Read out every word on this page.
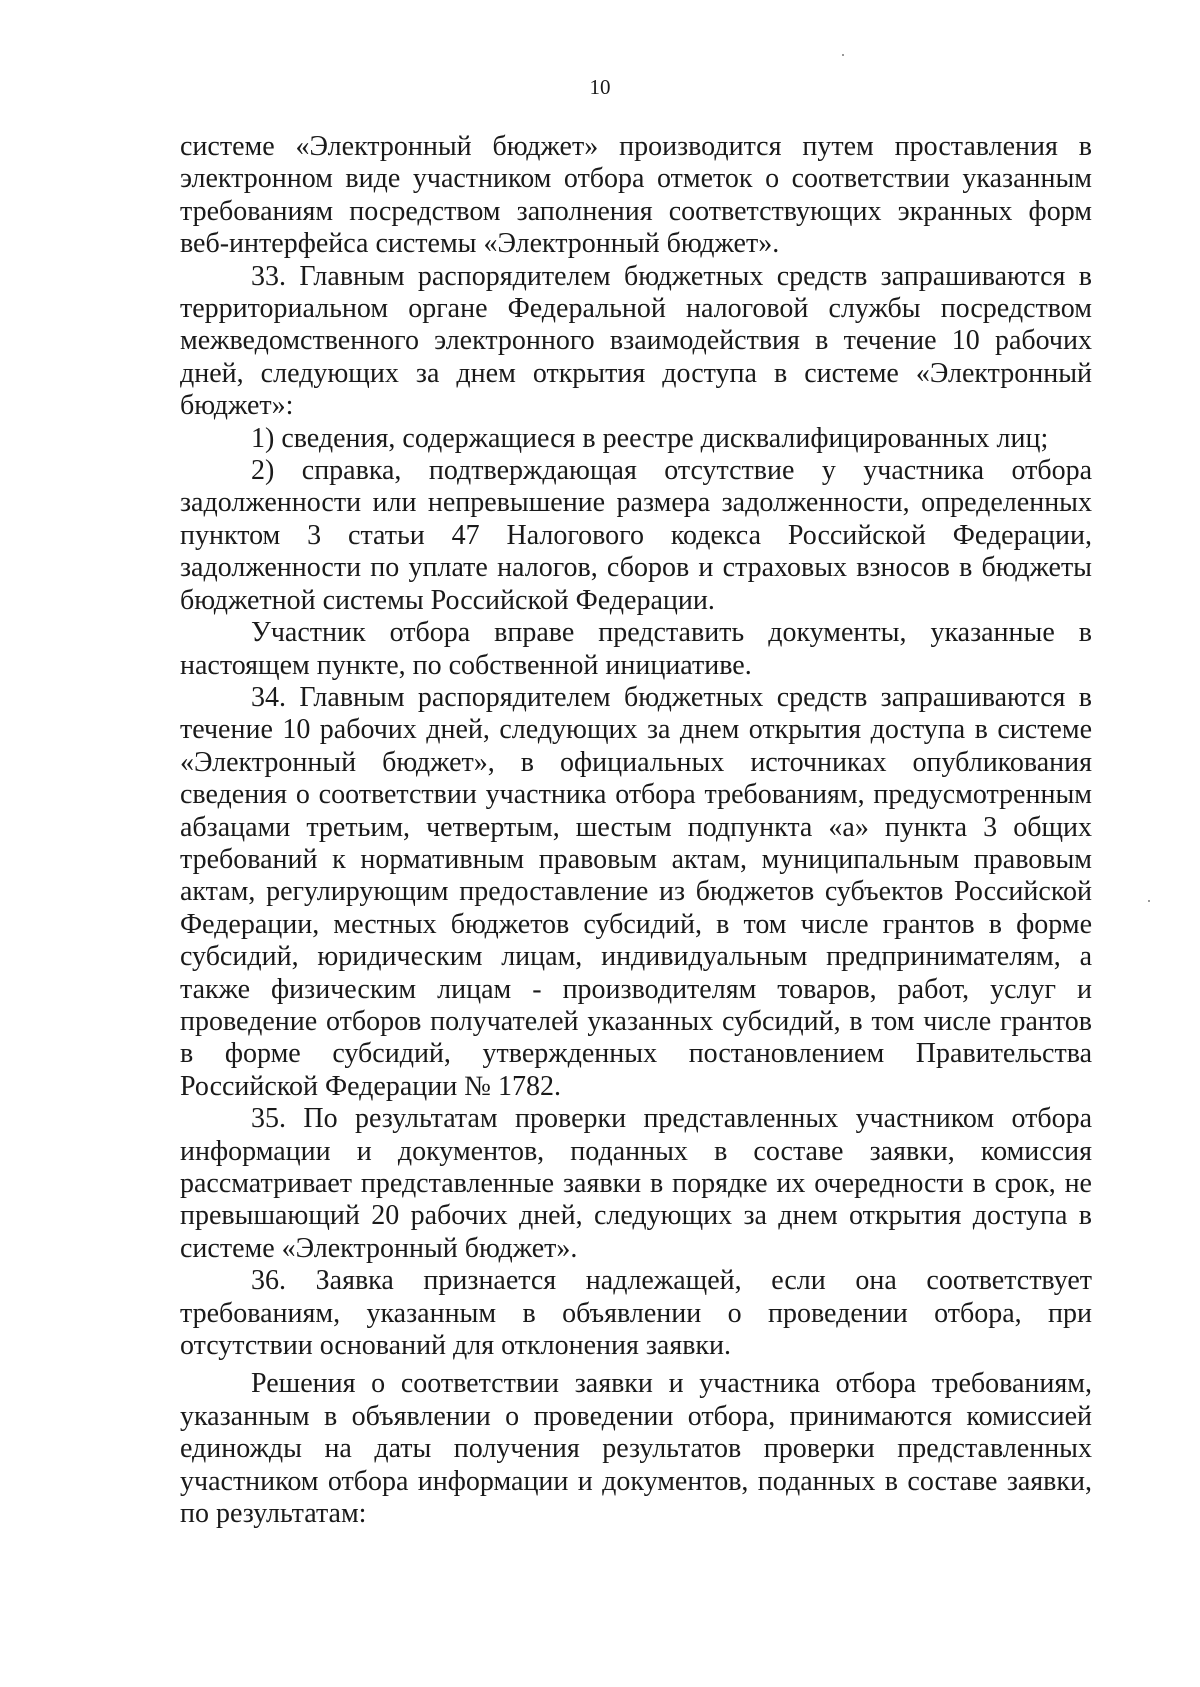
10

системе «Электронный бюджет» производится путем проставления в электронном виде участником отбора отметок о соответствии указанным требованиям посредством заполнения соответствующих экранных форм веб-интерфейса системы «Электронный бюджет».

33. Главным распорядителем бюджетных средств запрашиваются в территориальном органе Федеральной налоговой службы посредством межведомственного электронного взаимодействия в течение 10 рабочих дней, следующих за днем открытия доступа в системе «Электронный бюджет»:

1) сведения, содержащиеся в реестре дисквалифицированных лиц;

2) справка, подтверждающая отсутствие у участника отбора задолженности или непревышение размера задолженности, определенных пунктом 3 статьи 47 Налогового кодекса Российской Федерации, задолженности по уплате налогов, сборов и страховых взносов в бюджеты бюджетной системы Российской Федерации.

Участник отбора вправе представить документы, указанные в настоящем пункте, по собственной инициативе.

34. Главным распорядителем бюджетных средств запрашиваются в течение 10 рабочих дней, следующих за днем открытия доступа в системе «Электронный бюджет», в официальных источниках опубликования сведения о соответствии участника отбора требованиям, предусмотренным абзацами третьим, четвертым, шестым подпункта «а» пункта 3 общих требований к нормативным правовым актам, муниципальным правовым актам, регулирующим предоставление из бюджетов субъектов Российской Федерации, местных бюджетов субсидий, в том числе грантов в форме субсидий, юридическим лицам, индивидуальным предпринимателям, а также физическим лицам - производителям товаров, работ, услуг и проведение отборов получателей указанных субсидий, в том числе грантов в форме субсидий, утвержденных постановлением Правительства Российской Федерации № 1782.

35. По результатам проверки представленных участником отбора информации и документов, поданных в составе заявки, комиссия рассматривает представленные заявки в порядке их очередности в срок, не превышающий 20 рабочих дней, следующих за днем открытия доступа в системе «Электронный бюджет».

36. Заявка признается надлежащей, если она соответствует требованиям, указанным в объявлении о проведении отбора, при отсутствии оснований для отклонения заявки.

Решения о соответствии заявки и участника отбора требованиям, указанным в объявлении о проведении отбора, принимаются комиссией единожды на даты получения результатов проверки представленных участником отбора информации и документов, поданных в составе заявки, по результатам:
